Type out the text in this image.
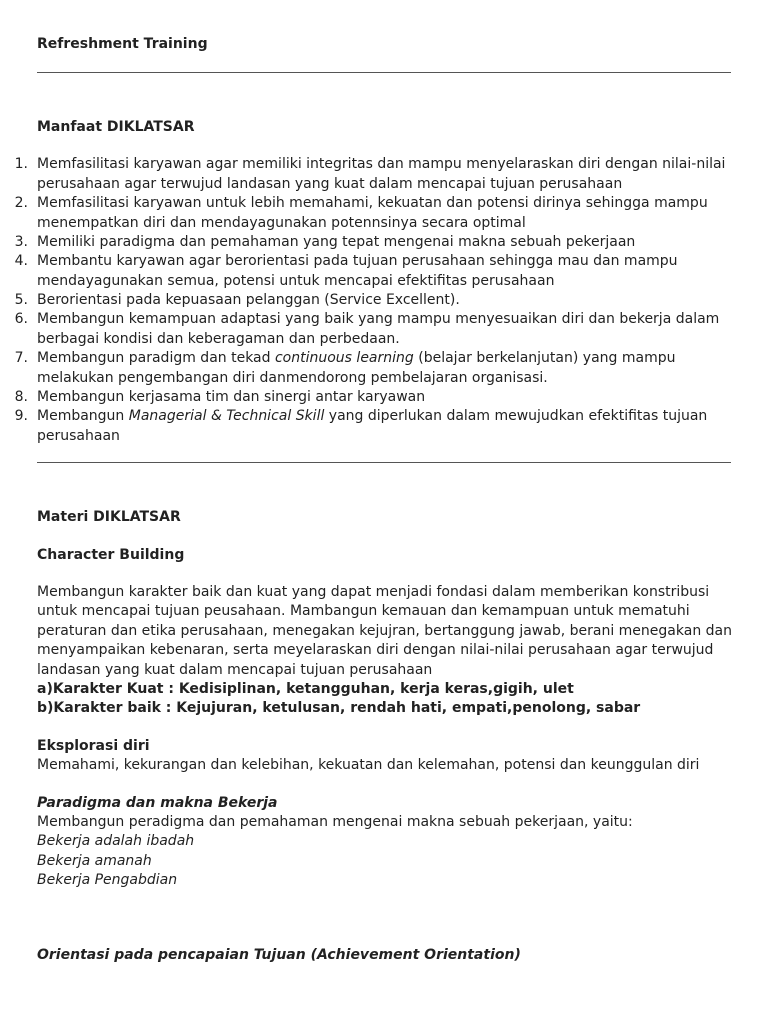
Refreshment Training
Manfaat DIKLATSAR
1. Memfasilitasi karyawan agar memiliki integritas dan mampu menyelaraskan diri dengan nilai-nilai
perusahaan agar terwujud landasan yang kuat dalam mencapai tujuan perusahaan
2. Memfasilitasi karyawan untuk lebih memahami, kekuatan dan potensi dirinya sehingga mampu
menempatkan diri dan mendayagunakan potennsinya secara optimal
3. Memiliki paradigma dan pemahaman yang tepat mengenai makna sebuah pekerjaan
4. Membantu karyawan agar berorientasi pada tujuan perusahaan sehingga mau dan mampu
mendayagunakan semua, potensi untuk mencapai efektifitas perusahaan
5. Berorientasi pada kepuasaan pelanggan (Service Excellent).
6. Membangun kemampuan adaptasi yang baik yang mampu menyesuaikan diri dan bekerja dalam
berbagai kondisi dan keberagaman dan perbedaan.
7. Membangun paradigm dan tekad continuous learning (belajar berkelanjutan) yang mampu
melakukan pengembangan diri danmendorong pembelajaran organisasi.
8. Membangun kerjasama tim dan sinergi antar karyawan
9. Membangun Managerial & Technical Skill yang diperlukan dalam mewujudkan efektifitas tujuan
perusahaan
Materi DIKLATSAR
Character Building
Membangun karakter baik dan kuat yang dapat menjadi fondasi dalam memberikan konstribusi
untuk mencapai tujuan peusahaan. Mambangun kemauan dan kemampuan untuk mematuhi
peraturan dan etika perusahaan, menegakan kejujran, bertanggung jawab, berani menegakan dan
menyampaikan kebenaran, serta meyelaraskan diri dengan nilai-nilai perusahaan agar terwujud
landasan yang kuat dalam mencapai tujuan perusahaan
a)Karakter Kuat : Kedisiplinan, ketangguhan, kerja keras,gigih, ulet
b)Karakter baik : Kejujuran, ketulusan, rendah hati, empati,penolong, sabar
Eksplorasi diri
Memahami, kekurangan dan kelebihan, kekuatan dan kelemahan, potensi dan keunggulan diri
Paradigma dan makna Bekerja
Membangun peradigma dan pemahaman mengenai makna sebuah pekerjaan, yaitu:
Bekerja adalah ibadah
Bekerja amanah
Bekerja Pengabdian
Orientasi pada pencapaian Tujuan (Achievement Orientation)
